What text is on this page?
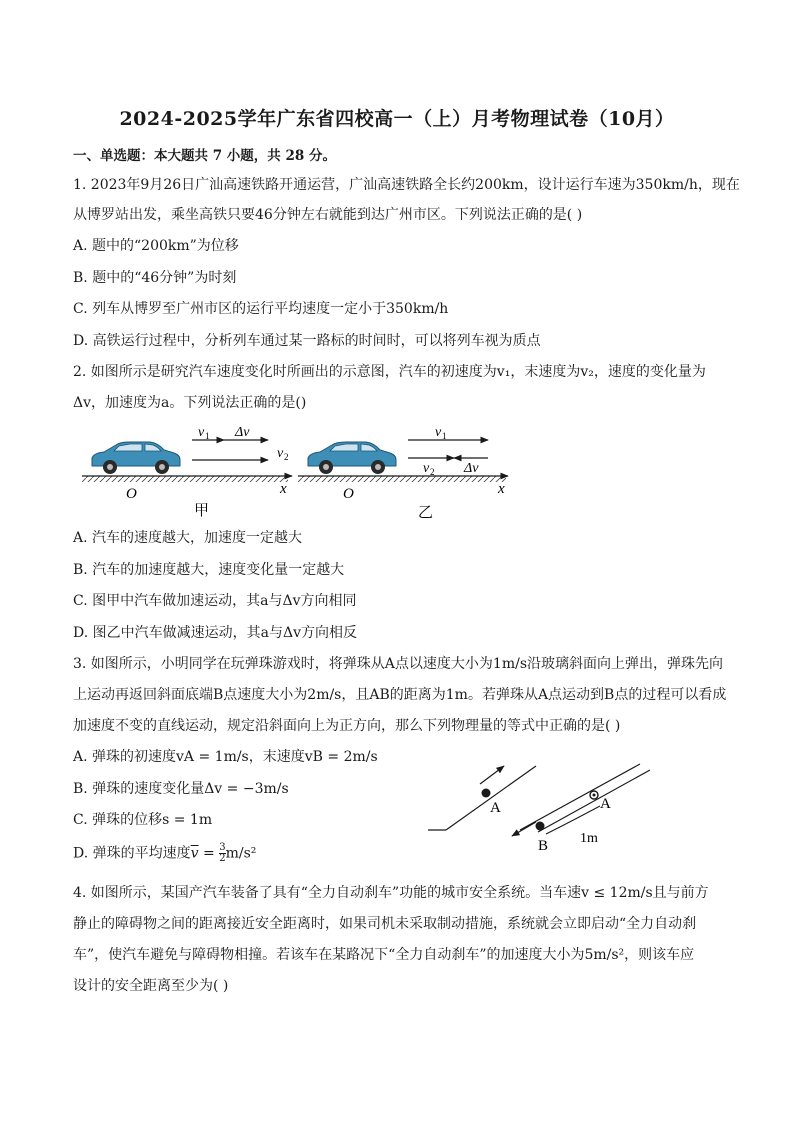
2024-2025学年广东省四校高一（上）月考物理试卷（10月）
一、单选题：本大题共 7 小题，共 28 分。
1. 2023年9月26日广汕高速铁路开通运营，广汕高速铁路全长约200km，设计运行车速为350km/h，现在
从博罗站出发，乘坐高铁只要46分钟左右就能到达广州市区。下列说法正确的是( )
A. 题中的“200km”为位移
B. 题中的“46分钟”为时刻
C. 列车从博罗至广州市区的运行平均速度一定小于350km/h
D. 高铁运行过程中，分析列车通过某一路标的时间时，可以将列车视为质点
2. 如图所示是研究汽车速度变化时所画出的示意图，汽车的初速度为v₁，末速度为v₂，速度的变化量为
Δv，加速度为a。下列说法正确的是()
O	x
甲
v 1 Δv
v 2
O	x
乙
v 1
v 2 Δv
A. 汽车的速度越大，加速度一定越大
B. 汽车的加速度越大，速度变化量一定越大
C. 图甲中汽车做加速运动，其a与Δv方向相同
D. 图乙中汽车做减速运动，其a与Δv方向相反
3. 如图所示，小明同学在玩弹珠游戏时，将弹珠从A点以速度大小为1m/s沿玻璃斜面向上弹出，弹珠先向
上运动再返回斜面底端B点速度大小为2m/s，且AB的距离为1m。若弹珠从A点运动到B点的过程可以看成
加速度不变的直线运动，规定沿斜面向上为正方向，那么下列物理量的等式中正确的是( )
A. 弹珠的初速度vA = 1m/s，末速度vB = 2m/s
B. 弹珠的速度变化量Δv = −3m/s
C. 弹珠的位移s = 1m
D. 弹珠的平均速度$\overline{v} = \frac{3}{2} m/s^2$
A	A
B 1m
4. 如图所示，某国产汽车装备了具有“全力自动刹车”功能的城市安全系统。当车速v ≤ 12m/s且与前方
静止的障碍物之间的距离接近安全距离时，如果司机未采取制动措施，系统就会立即启动“全力自动刹
车”，使汽车避免与障碍物相撞。若该车在某路况下“全力自动刹车”的加速度大小为5m/s²，则该车应
设计的安全距离至少为( )
